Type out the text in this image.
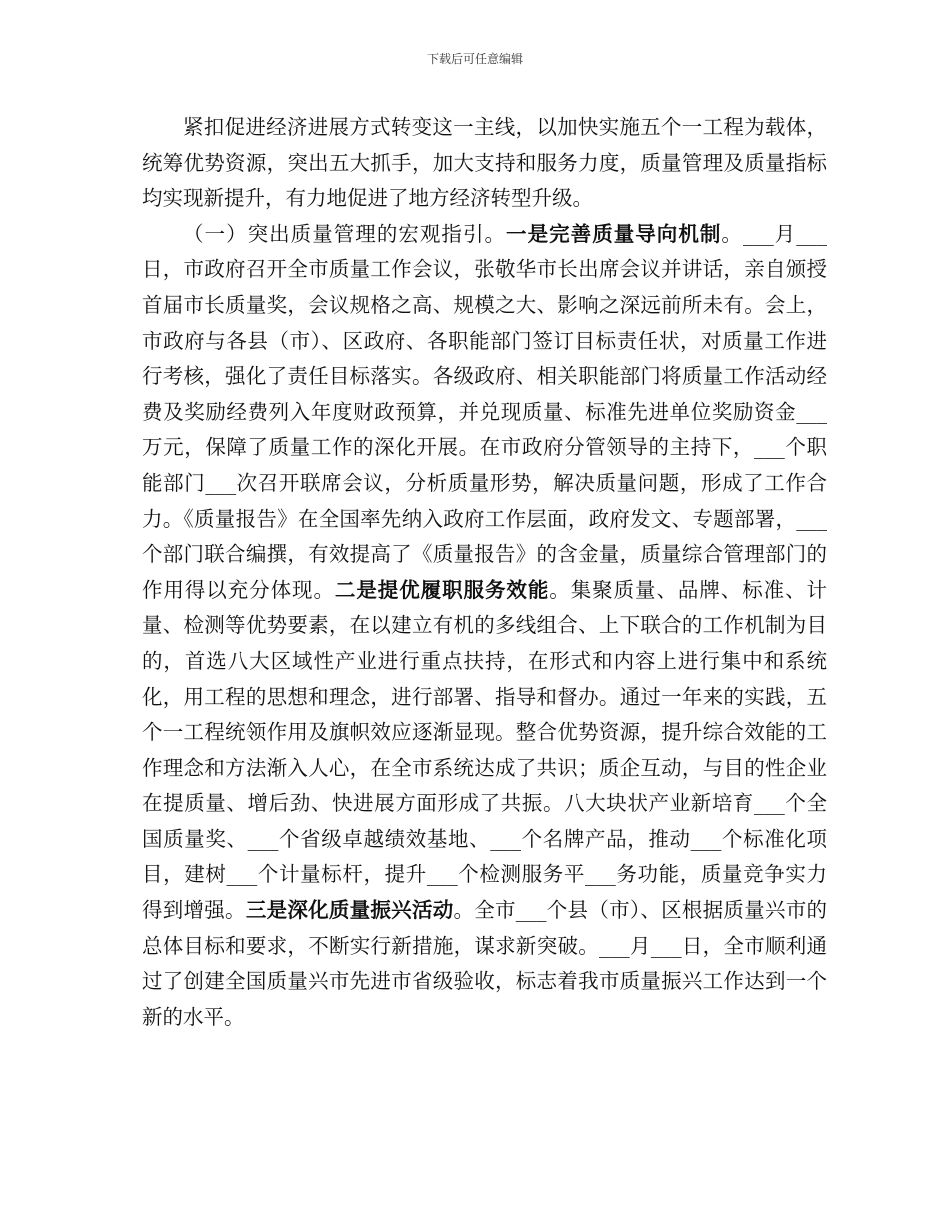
下载后可任意编辑

紧扣促进经济进展方式转变这一主线，以加快实施五个一工程为载体，统筹优势资源，突出五大抓手，加大支持和服务力度，质量管理及质量指标均实现新提升，有力地促进了地方经济转型升级。

（一）突出质量管理的宏观指引。一是完善质量导向机制。___月___日，市政府召开全市质量工作会议，张敬华市长出席会议并讲话，亲自颁授首届市长质量奖，会议规格之高、规模之大、影响之深远前所未有。会上，市政府与各县（市）、区政府、各职能部门签订目标责任状，对质量工作进行考核，强化了责任目标落实。各级政府、相关职能部门将质量工作活动经费及奖励经费列入年度财政预算，并兑现质量、标准先进单位奖励资金___万元，保障了质量工作的深化开展。在市政府分管领导的主持下，___个职能部门___次召开联席会议，分析质量形势，解决质量问题，形成了工作合力。《质量报告》在全国率先纳入政府工作层面，政府发文、专题部署，___个部门联合编撰，有效提高了《质量报告》的含金量，质量综合管理部门的作用得以充分体现。二是提优履职服务效能。集聚质量、品牌、标准、计量、检测等优势要素，在以建立有机的多线组合、上下联合的工作机制为目的，首选八大区域性产业进行重点扶持，在形式和内容上进行集中和系统化，用工程的思想和理念，进行部署、指导和督办。通过一年来的实践，五个一工程统领作用及旗帜效应逐渐显现。整合优势资源，提升综合效能的工作理念和方法渐入人心，在全市系统达成了共识；质企互动，与目的性企业在提质量、增后劲、快进展方面形成了共振。八大块状产业新培育___个全国质量奖、___个省级卓越绩效基地、___个名牌产品，推动___个标准化项目，建树___个计量标杆，提升___个检测服务平___务功能，质量竞争实力得到增强。三是深化质量振兴活动。全市___个县（市）、区根据质量兴市的总体目标和要求，不断实行新措施，谋求新突破。___月___日，全市顺利通过了创建全国质量兴市先进市省级验收，标志着我市质量振兴工作达到一个新的水平。
